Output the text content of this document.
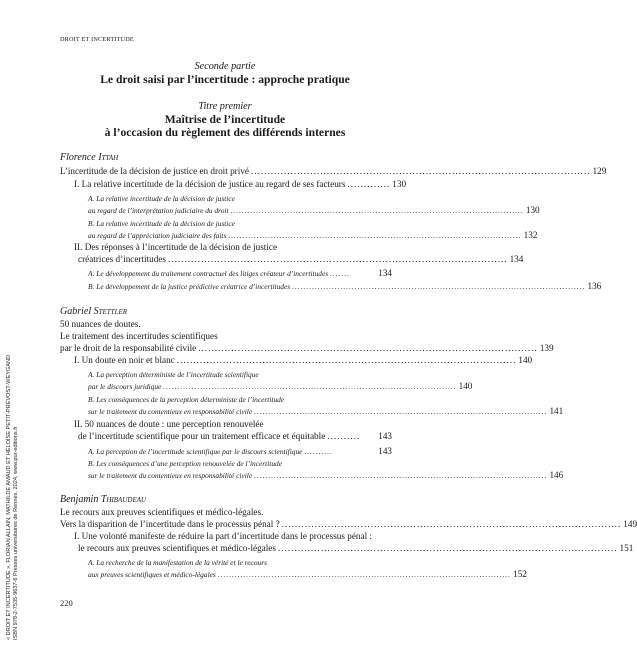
DROIT ET INCERTITUDE
Seconde partie
Le droit saisi par l’incertitude : approche pratique
Titre premier
Maîtrise de l’incertitude
à l’occasion du règlement des différends internes
Florence Ittah
L’incertitude de la décision de justice en droit privé ....................................................................................................... 129
I. La relative incertitude de la décision de justice au regard de ses facteurs ............. 130
A. La relative incertitude de la décision de justice
au regard de l’interprétation judiciaire du droit ....................................................................................................... 130
B. La relative incertitude de la décision de justice
au regard de l’appréciation judiciaire des faits ....................................................................................................... 132
II. Des réponses à l’incertitude de la décision de justice
créatrices d’incertitudes ....................................................................................................... 134
A. Le développement du traitement contractuel des litiges créateur d’incertitudes .......	134
B. Le développement de la justice prédictive créatrice d’incertitudes ....................................................................................................... 136
Gabriel Stettler
50 nuances de doutes.
Le traitement des incertitudes scientifiques
par le droit de la responsabilité civile ....................................................................................................... 139
I. Un doute en noir et blanc ....................................................................................................... 140
A. La perception déterministe de l’incertitude scientifique
par le discours juridique ....................................................................................................... 140
B. Les conséquences de la perception déterministe de l’incertitude
sur le traitement du contentieux en responsabilité civile ....................................................................................................... 141
II. 50 nuances de doute : une perception renouvelée
de l’incertitude scientifique pour un traitement efficace et équitable ..........	143
A. La perception de l’incertitude scientifique par le discours scientifique ..........	143
B. Les conséquences d’une perception renouvelée de l’incertitude
sur le traitement du contentieux en responsabilité civile ....................................................................................................... 146
Benjamin Thibaudeau
Le recours aux preuves scientifiques et médico-légales.
Vers la disparition de l’incertitude dans le processus pénal ? ....................................................................................................... 149
I. Une volonté manifeste de réduire la part d’incertitude dans le processus pénal :
le recours aux preuves scientifiques et médico-légales ....................................................................................................... 151
A. La recherche de la manifestation de la vérité et le recours
aux preuves scientifiques et médico-légales ....................................................................................................... 152
220
« DROIT ET INCERTITUDE », FLORIAN ALLAIN, MATHILDE AMAUD ET HÉLOÏSE PETIT-PRÉVOST-WEYGAND ISBN 978-2-7535-9637-6 Presses universitaires de Rennes, 2024, www.pur-editions.fr
